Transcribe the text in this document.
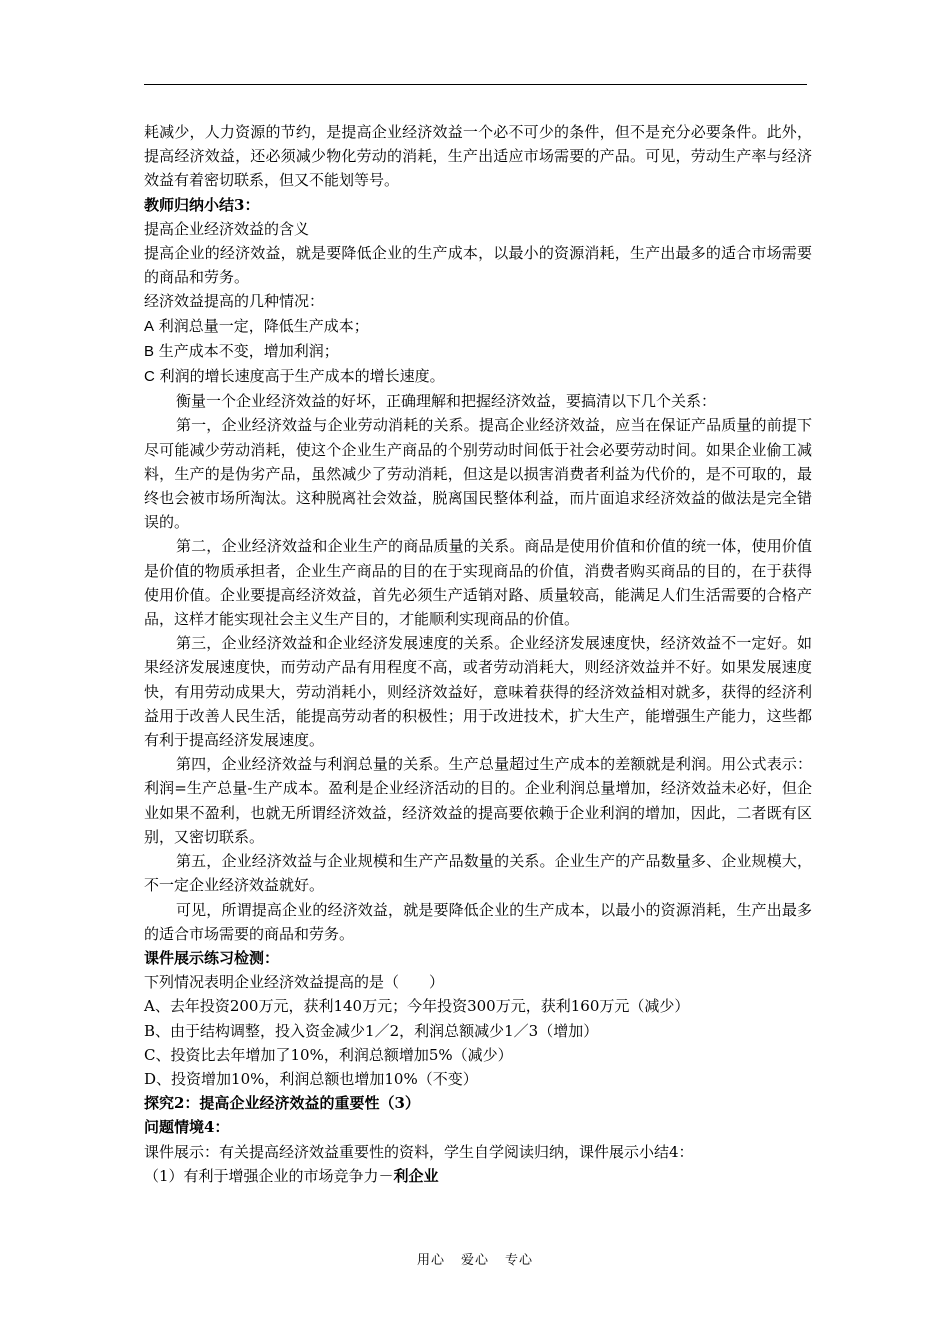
耗减少，人力资源的节约，是提高企业经济效益一个必不可少的条件，但不是充分必要条件。此外，提高经济效益，还必须减少物化劳动的消耗，生产出适应市场需要的产品。可见，劳动生产率与经济效益有着密切联系，但又不能划等号。

教师归纳小结3：

提高企业经济效益的含义

提高企业的经济效益，就是要降低企业的生产成本，以最小的资源消耗，生产出最多的适合市场需要的商品和劳务。

经济效益提高的几种情况：

A 利润总量一定，降低生产成本；

B 生产成本不变，增加利润；

C 利润的增长速度高于生产成本的增长速度。

衡量一个企业经济效益的好坏，正确理解和把握经济效益，要搞清以下几个关系：

第一，企业经济效益与企业劳动消耗的关系。提高企业经济效益，应当在保证产品质量的前提下尽可能减少劳动消耗，使这个企业生产商品的个别劳动时间低于社会必要劳动时间。如果企业偷工减料，生产的是伪劣产品，虽然减少了劳动消耗，但这是以损害消费者利益为代价的，是不可取的，最终也会被市场所淘汰。这种脱离社会效益，脱离国民整体利益，而片面追求经济效益的做法是完全错误的。

第二，企业经济效益和企业生产的商品质量的关系。商品是使用价值和价值的统一体，使用价值是价值的物质承担者，企业生产商品的目的在于实现商品的价值，消费者购买商品的目的，在于获得使用价值。企业要提高经济效益，首先必须生产适销对路、质量较高，能满足人们生活需要的合格产品，这样才能实现社会主义生产目的，才能顺利实现商品的价值。

第三，企业经济效益和企业经济发展速度的关系。企业经济发展速度快，经济效益不一定好。如果经济发展速度快，而劳动产品有用程度不高，或者劳动消耗大，则经济效益并不好。如果发展速度快，有用劳动成果大，劳动消耗小，则经济效益好，意味着获得的经济效益相对就多，获得的经济利益用于改善人民生活，能提高劳动者的积极性；用于改进技术，扩大生产，能增强生产能力，这些都有利于提高经济发展速度。

第四，企业经济效益与利润总量的关系。生产总量超过生产成本的差额就是利润。用公式表示：利润=生产总量-生产成本。盈利是企业经济活动的目的。企业利润总量增加，经济效益未必好，但企业如果不盈利，也就无所谓经济效益，经济效益的提高要依赖于企业利润的增加，因此，二者既有区别，又密切联系。

第五，企业经济效益与企业规模和生产产品数量的关系。企业生产的产品数量多、企业规模大，不一定企业经济效益就好。

可见，所谓提高企业的经济效益，就是要降低企业的生产成本，以最小的资源消耗，生产出最多的适合市场需要的商品和劳务。

课件展示练习检测：

下列情况表明企业经济效益提高的是（　　）

A、去年投资200万元，获利140万元；今年投资300万元，获利160万元（减少）

B、由于结构调整，投入资金减少1／2，利润总额减少1／3（增加）

C、投资比去年增加了10%，利润总额增加5%（减少）

D、投资增加10%，利润总额也增加10%（不变）

探究2：提高企业经济效益的重要性（3）

问题情境4：

课件展示：有关提高经济效益重要性的资料，学生自学阅读归纳，课件展示小结4：

（1）有利于增强企业的市场竞争力－利企业

用心 爱心 专心
